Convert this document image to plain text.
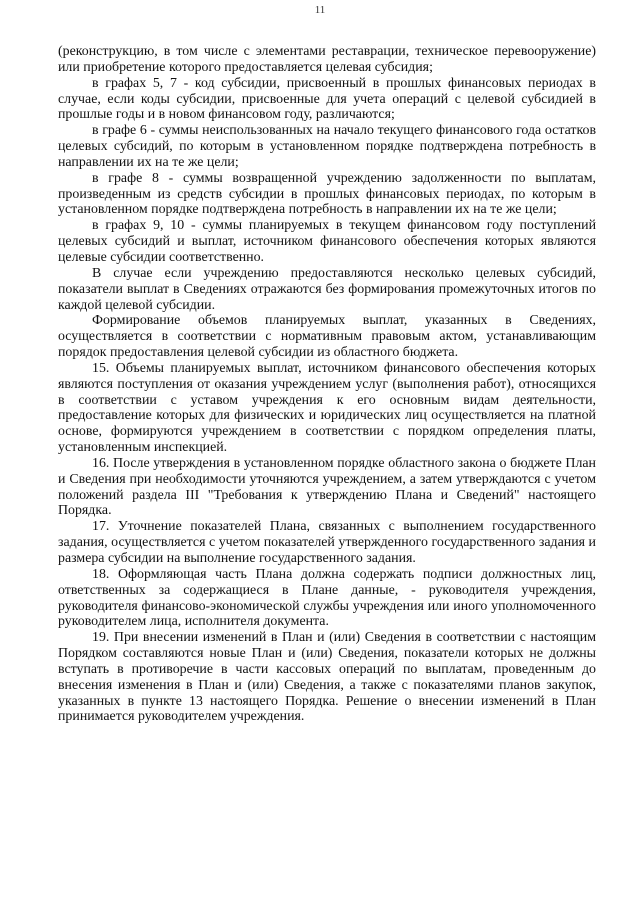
11

(реконструкцию, в том числе с элементами реставрации, техническое перевооружение) или приобретение которого предоставляется целевая субсидия;

в графах 5, 7 - код субсидии, присвоенный в прошлых финансовых периодах в случае, если коды субсидии, присвоенные для учета операций с целевой субсидией в прошлые годы и в новом финансовом году, различаются;

в графе 6 - суммы неиспользованных на начало текущего финансового года остатков целевых субсидий, по которым в установленном порядке подтверждена потребность в направлении их на те же цели;

в графе 8 - суммы возвращенной учреждению задолженности по выплатам, произведенным из средств субсидии в прошлых финансовых периодах, по которым в установленном порядке подтверждена потребность в направлении их на те же цели;

в графах 9, 10 - суммы планируемых в текущем финансовом году поступлений целевых субсидий и выплат, источником финансового обеспечения которых являются целевые субсидии соответственно.

В случае если учреждению предоставляются несколько целевых субсидий, показатели выплат в Сведениях отражаются без формирования промежуточных итогов по каждой целевой субсидии.

Формирование объемов планируемых выплат, указанных в Сведениях, осуществляется в соответствии с нормативным правовым актом, устанавливающим порядок предоставления целевой субсидии из областного бюджета.

15. Объемы планируемых выплат, источником финансового обеспечения которых являются поступления от оказания учреждением услуг (выполнения работ), относящихся в соответствии с уставом учреждения к его основным видам деятельности, предоставление которых для физических и юридических лиц осуществляется на платной основе, формируются учреждением в соответствии с порядком определения платы, установленным инспекцией.

16. После утверждения в установленном порядке областного закона о бюджете План и Сведения при необходимости уточняются учреждением, а затем утверждаются с учетом положений раздела III "Требования к утверждению Плана и Сведений" настоящего Порядка.

17. Уточнение показателей Плана, связанных с выполнением государственного задания, осуществляется с учетом показателей утвержденного государственного задания и размера субсидии на выполнение государственного задания.

18. Оформляющая часть Плана должна содержать подписи должностных лиц, ответственных за содержащиеся в Плане данные, - руководителя учреждения, руководителя финансово-экономической службы учреждения или иного уполномоченного руководителем лица, исполнителя документа.

19. При внесении изменений в План и (или) Сведения в соответствии с настоящим Порядком составляются новые План и (или) Сведения, показатели которых не должны вступать в противоречие в части кассовых операций по выплатам, проведенным до внесения изменения в План и (или) Сведения, а также с показателями планов закупок, указанных в пункте 13 настоящего Порядка. Решение о внесении изменений в План принимается руководителем учреждения.
